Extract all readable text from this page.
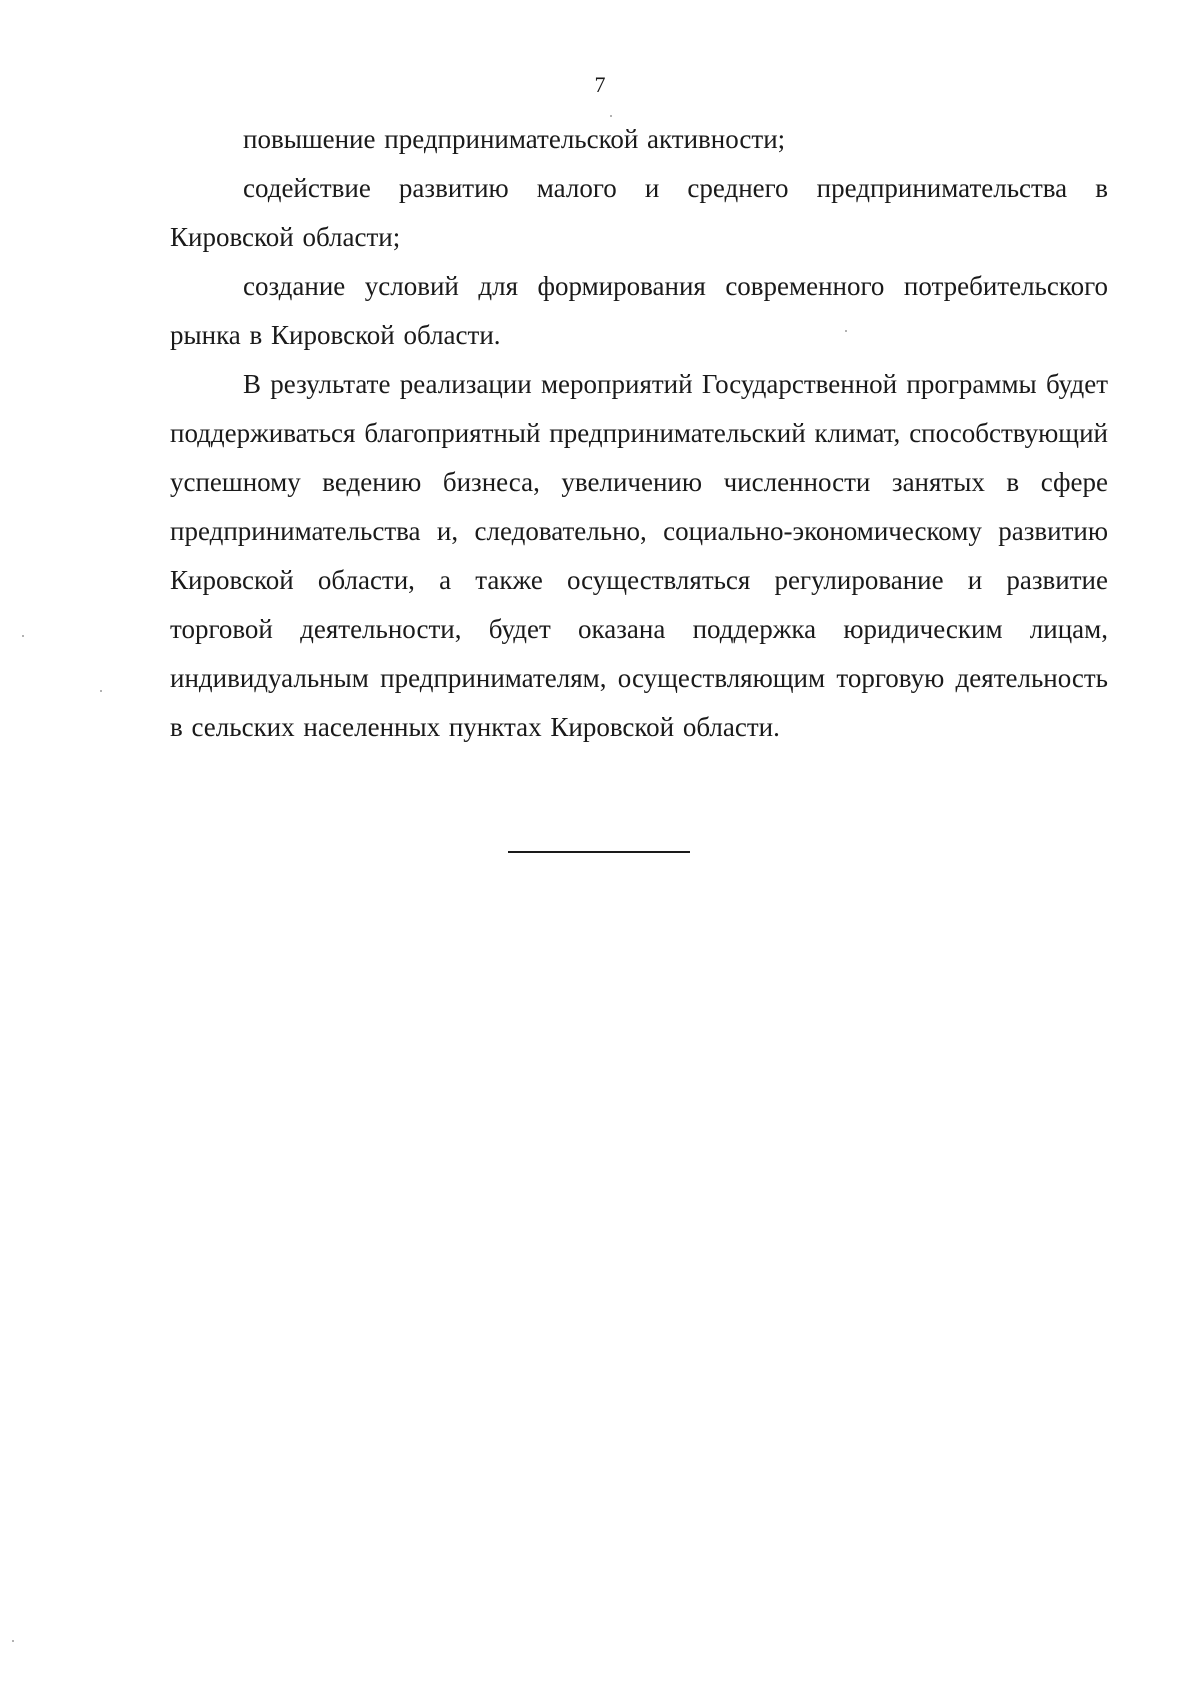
7

повышение предпринимательской активности;

содействие развитию малого и среднего предпринимательства в Кировской области;

создание условий для формирования современного потребительского рынка в Кировской области.

В результате реализации мероприятий Государственной программы будет поддерживаться благоприятный предпринимательский климат, способствующий успешному ведению бизнеса, увеличению численности занятых в сфере предпринимательства и, следовательно, социально-экономическому развитию Кировской области, а также осуществляться регулирование и развитие торговой деятельности, будет оказана поддержка юридическим лицам, индивидуальным предпринимателям, осуществляющим торговую деятельность в сельских населенных пунктах Кировской области.
